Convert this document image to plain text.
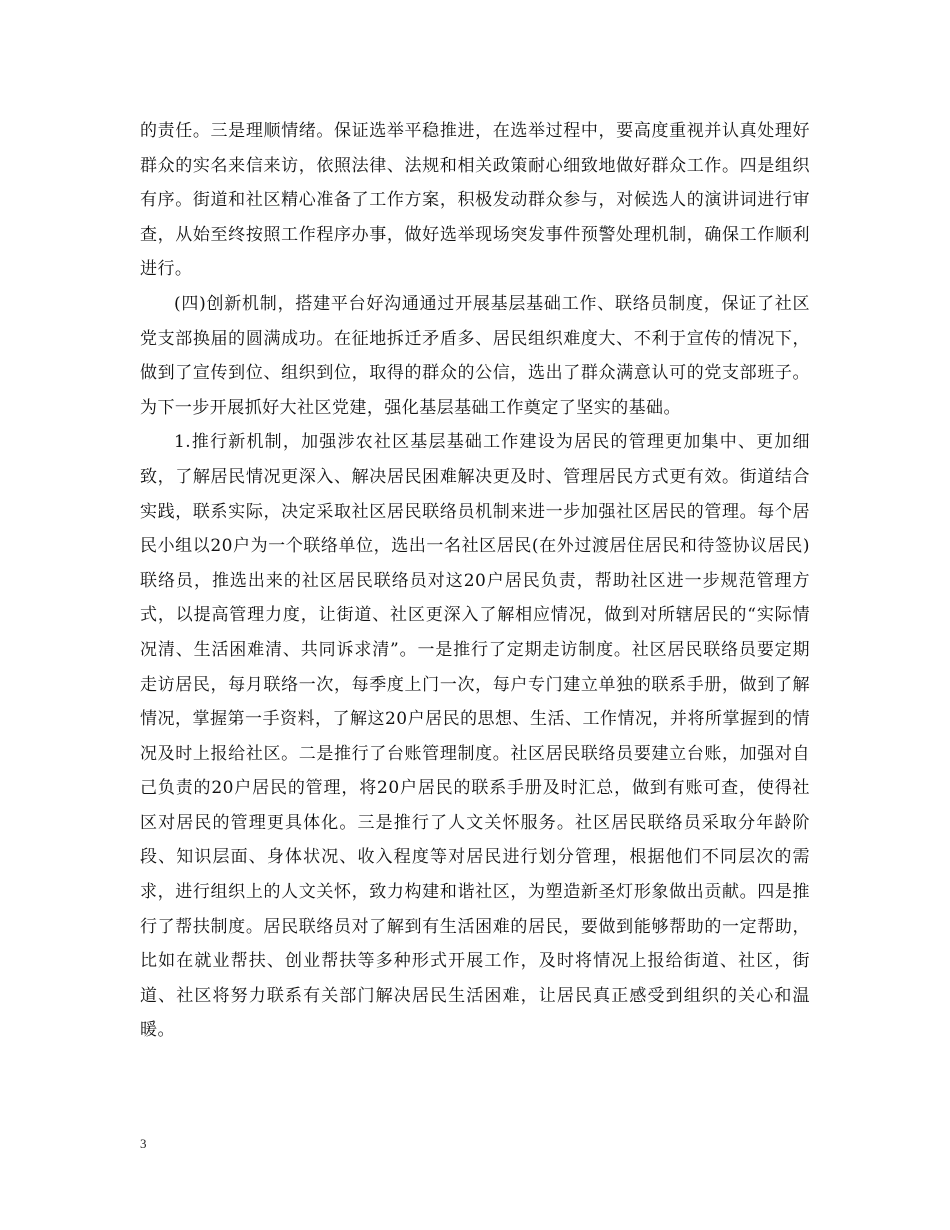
的责任。三是理顺情绪。保证选举平稳推进，在选举过程中，要高度重视并认真处理好群众的实名来信来访，依照法律、法规和相关政策耐心细致地做好群众工作。四是组织有序。街道和社区精心准备了工作方案，积极发动群众参与，对候选人的演讲词进行审查，从始至终按照工作程序办事，做好选举现场突发事件预警处理机制，确保工作顺利进行。

(四)创新机制，搭建平台好沟通通过开展基层基础工作、联络员制度，保证了社区党支部换届的圆满成功。在征地拆迁矛盾多、居民组织难度大、不利于宣传的情况下，做到了宣传到位、组织到位，取得的群众的公信，选出了群众满意认可的党支部班子。为下一步开展抓好大社区党建，强化基层基础工作奠定了坚实的基础。

1.推行新机制，加强涉农社区基层基础工作建设为居民的管理更加集中、更加细致，了解居民情况更深入、解决居民困难解决更及时、管理居民方式更有效。街道结合实践，联系实际，决定采取社区居民联络员机制来进一步加强社区居民的管理。每个居民小组以20户为一个联络单位，选出一名社区居民(在外过渡居住居民和待签协议居民)联络员，推选出来的社区居民联络员对这20户居民负责，帮助社区进一步规范管理方式，以提高管理力度，让街道、社区更深入了解相应情况，做到对所辖居民的“实际情况清、生活困难清、共同诉求清”。一是推行了定期走访制度。社区居民联络员要定期走访居民，每月联络一次，每季度上门一次，每户专门建立单独的联系手册，做到了解情况，掌握第一手资料，了解这20户居民的思想、生活、工作情况，并将所掌握到的情况及时上报给社区。二是推行了台账管理制度。社区居民联络员要建立台账，加强对自己负责的20户居民的管理，将20户居民的联系手册及时汇总，做到有账可查，使得社区对居民的管理更具体化。三是推行了人文关怀服务。社区居民联络员采取分年龄阶段、知识层面、身体状况、收入程度等对居民进行划分管理，根据他们不同层次的需求，进行组织上的人文关怀，致力构建和谐社区，为塑造新圣灯形象做出贡献。四是推行了帮扶制度。居民联络员对了解到有生活困难的居民，要做到能够帮助的一定帮助，比如在就业帮扶、创业帮扶等多种形式开展工作，及时将情况上报给街道、社区，街道、社区将努力联系有关部门解决居民生活困难，让居民真正感受到组织的关心和温暖。

3
